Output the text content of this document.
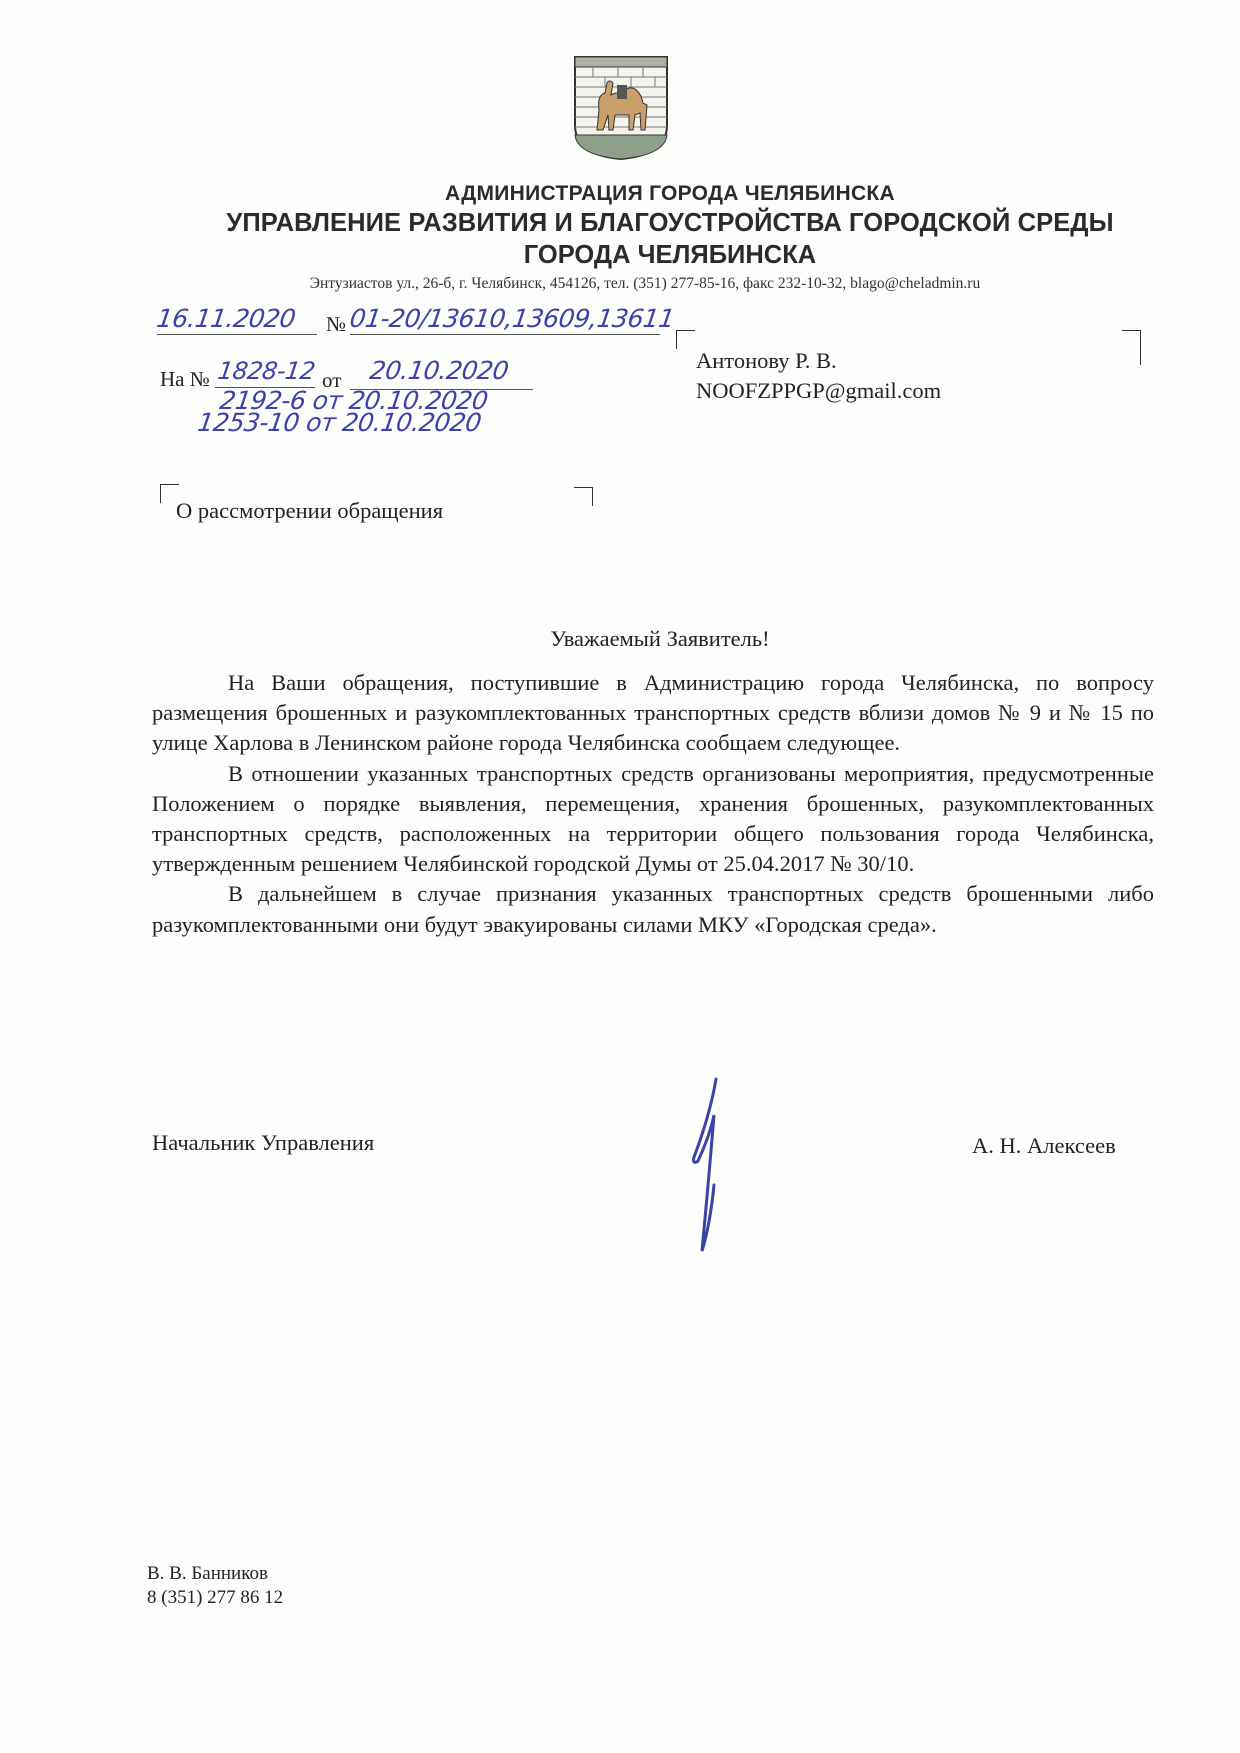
АДМИНИСТРАЦИЯ ГОРОДА ЧЕЛЯБИНСКА
УПРАВЛЕНИЕ РАЗВИТИЯ И БЛАГОУСТРОЙСТВА ГОРОДСКОЙ СРЕДЫ
ГОРОДА ЧЕЛЯБИНСКА
Энтузиастов ул., 26-б, г. Челябинск, 454126, тел. (351) 277-85-16, факс 232-10-32, blago@cheladmin.ru
16.11.2020	№ 01-20/13610,13609,13611
На № 1828-12 от 20.10.2020
2192-6 от 20.10.2020
1253-10 от 20.10.2020
Антонову Р. В.
NOOFZPPGP@gmail.com
О рассмотрении обращения
Уважаемый Заявитель!

На Ваши обращения, поступившие в Администрацию города Челябинска, по вопросу размещения брошенных и разукомплектованных транспортных средств вблизи домов № 9 и № 15 по улице Харлова в Ленинском районе города Челябинска сообщаем следующее.

В отношении указанных транспортных средств организованы мероприятия, предусмотренные Положением о порядке выявления, перемещения, хранения брошенных, разукомплектованных транспортных средств, расположенных на территории общего пользования города Челябинска, утвержденным решением Челябинской городской Думы от 25.04.2017 № 30/10.

В дальнейшем в случае признания указанных транспортных средств брошенными либо разукомплектованными они будут эвакуированы силами МКУ «Городская среда».

Начальник Управления	А. Н. Алексеев
В. В. Банников
8 (351) 277 86 12
